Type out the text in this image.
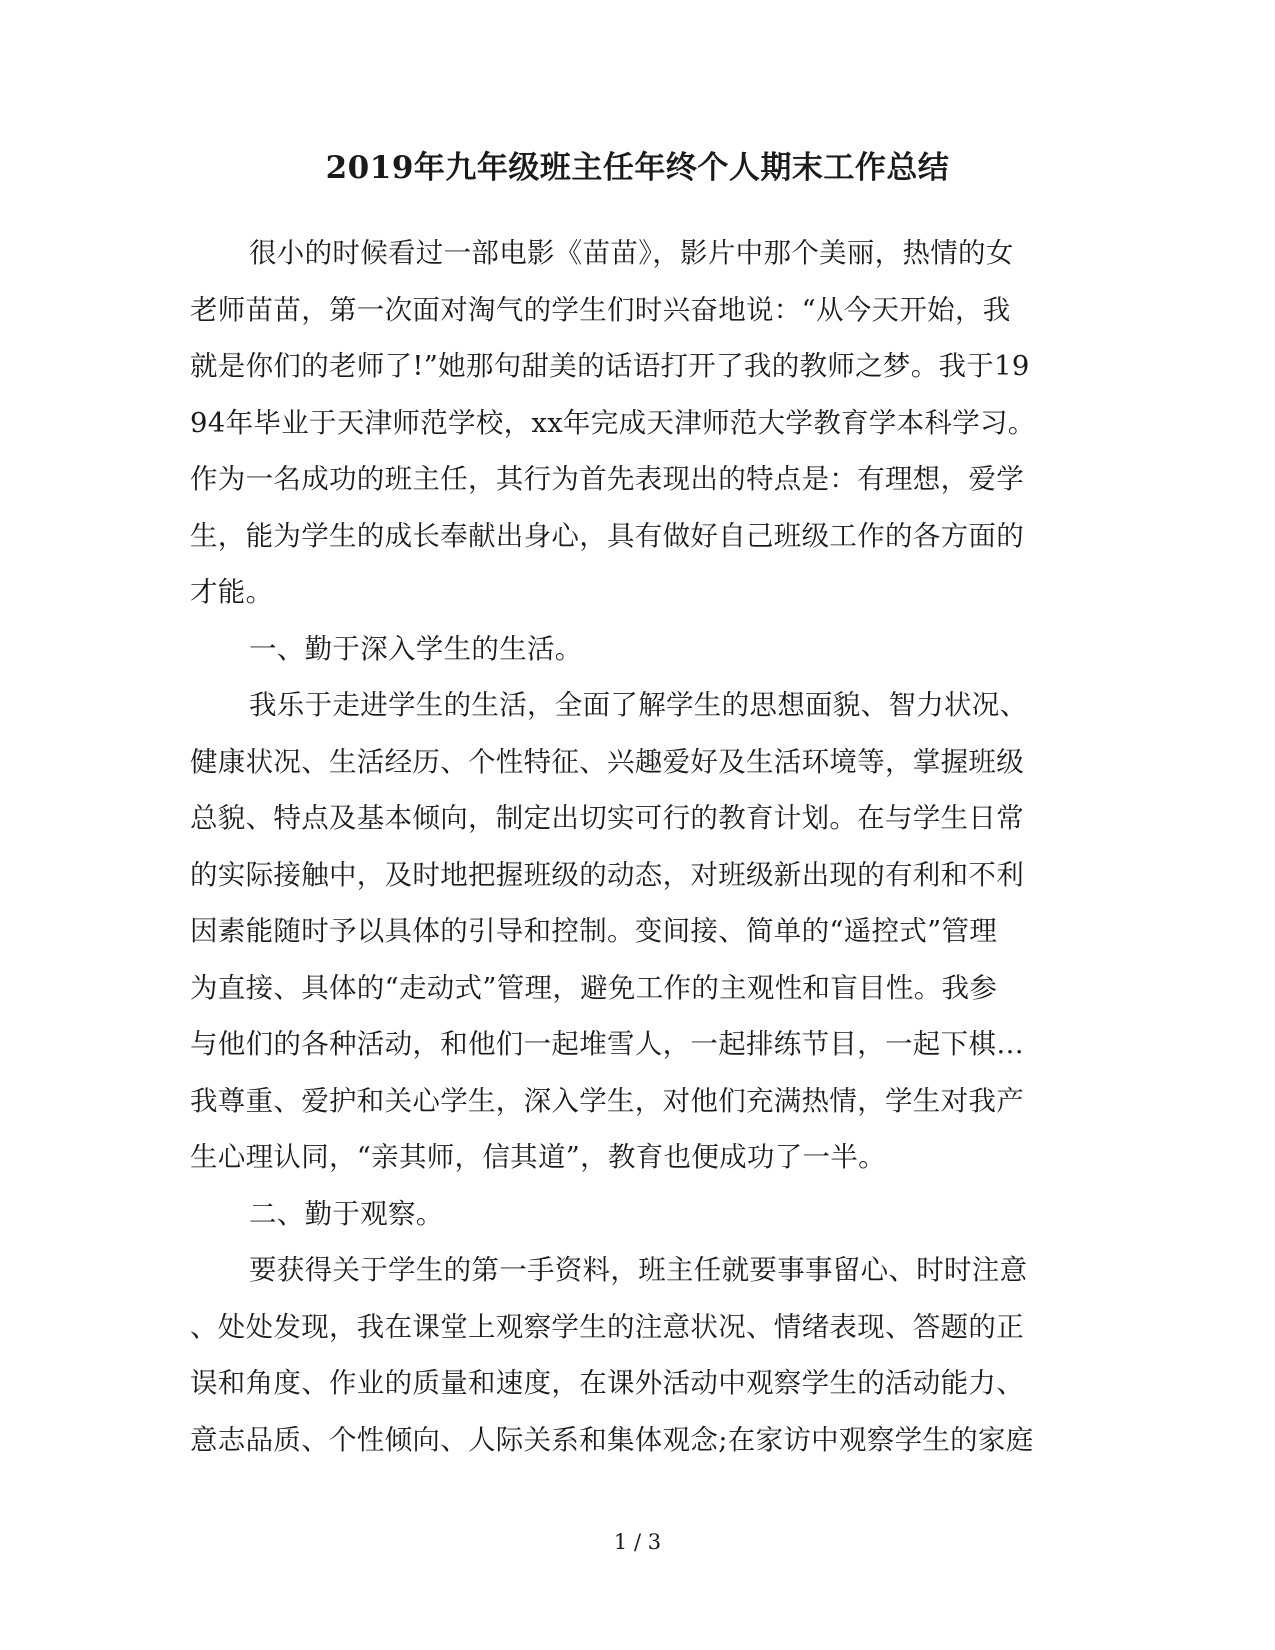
2019年九年级班主任年终个人期末工作总结
很小的时候看过一部电影《苗苗》，影片中那个美丽，热情的女
老师苗苗，第一次面对淘气的学生们时兴奋地说：“从今天开始，我
就是你们的老师了!”她那句甜美的话语打开了我的教师之梦。我于19
94年毕业于天津师范学校，xx年完成天津师范大学教育学本科学习。
作为一名成功的班主任，其行为首先表现出的特点是：有理想，爱学
生，能为学生的成长奉献出身心，具有做好自己班级工作的各方面的
才能。
一、勤于深入学生的生活。
我乐于走进学生的生活，全面了解学生的思想面貌、智力状况、
健康状况、生活经历、个性特征、兴趣爱好及生活环境等，掌握班级
总貌、特点及基本倾向，制定出切实可行的教育计划。在与学生日常
的实际接触中，及时地把握班级的动态，对班级新出现的有利和不利
因素能随时予以具体的引导和控制。变间接、简单的“遥控式”管理
为直接、具体的“走动式”管理，避免工作的主观性和盲目性。我参
与他们的各种活动，和他们一起堆雪人，一起排练节目，一起下棋…
我尊重、爱护和关心学生，深入学生，对他们充满热情，学生对我产
生心理认同，“亲其师，信其道”，教育也便成功了一半。
二、勤于观察。
要获得关于学生的第一手资料，班主任就要事事留心、时时注意
、处处发现，我在课堂上观察学生的注意状况、情绪表现、答题的正
误和角度、作业的质量和速度，在课外活动中观察学生的活动能力、
意志品质、个性倾向、人际关系和集体观念;在家访中观察学生的家庭
1 / 3
